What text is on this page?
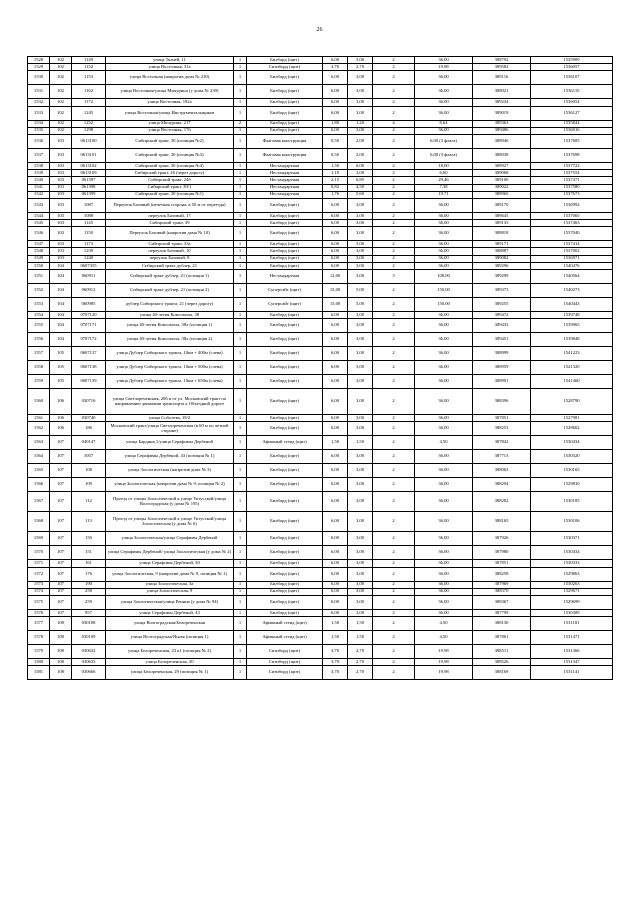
26
1528	102	1149	улица Ткачей, 11	1	Билборд (щит)	6,00	3,00	2	36,00	388792	1535909
1529	102	1152	улица Восточная, 31а	1	Ситиборд (щит)	3,70	2,70	2	19,98	389582	1536057
1530	102	1153	улица Восточная (напротив дома № 230)	1	Билборд (щит)	6,00	3,00	2	36,00	389116	1536107
1531	102	1162	улица Восточная/улица Мичурина (у дома № 239)	1	Билборд (щит)	6,00	3,00	2	36,00	388921	1536110
1532	102	1172	улица Восточная, 182а	1	Билборд (щит)	6,00	3,00	2	36,00	389234	1536054
1533	102	1245	улица Восточная/улица Инструментальщиков	1	Билборд (щит)	6,00	3,00	2	36,00	389019	1536127
1534	102	1252	улица Мичурина, 217	2	Билборд (щит)	1,80	1,20	4	8,64	389363	1535844
1535	102	1298	улица Восточная, 176	1	Билборд (щит)	6,00	3,00	2	36,00	389486	1536016
1536	103	0613100	Сибирский тракт, 30 (позиция №2)	1	Флаговая конструкция	0,50	2,00	2	6,00 (3 флага)	388946	1537685
1537	103	0613101	Сибирский тракт, 30 (позиция №3)	1	Флаговая конструкция	0,50	2,00	2	6,00 (3 флага)	388938	1537698
1538	103	0613102	Сибирский тракт, 30 (позиция №4)	1	Нестандартная	1,50	6,00	2	18,00	388927	1537722
1539	103	0613109	Сибирский тракт, 26 (через дорогу)	1	Нестандартная	1,10	3,00	2	6,60	389068	1537554
1540	103	061397	Сибирский тракт, 24б	1	Нестандартная	2,15	6,85	2	29,46	389100	1537471
1541	103	061398	Сибирский тракт, 30/1	1	Нестандартная	0,82	4,50	2	7,38	389022	1537580
1542	103	061399	Сибирский тракт, 30 (позиция №1)	1	Нестандартная	1,76	5,60	2	19,71	388960	1537673
1543	103	1087	Переулок Базовый (нечетная сторона, в 50 м от переезда)	1	Билборд (щит)	6,00	3,00	2	36,00	389170	1536992
1544	103	1088	переулок Базовый, 17	1	Билборд (щит)	6,00	3,00	2	36,00	388645	1537065
1545	103	1145	Сибирский тракт, 39	1	Билборд (щит)	6,00	3,00	2	36,00	389135	1537463
1546	103	1150	Переулок Базовый (напротив дома № 10)	1	Билборд (щит)	6,00	3,00	2	36,00	388818	1537040
1547	103	1173	Сибирский тракт, 33а	1	Билборд (щит)	6,00	3,00	2	36,00	389171	1537414
1548	103	1239	переулок Базовый, 10	1	Билборд (щит)	6,00	3,00	2	36,00	388887	1537002
1549	103	1240	переулок Базовый, 8	1	Билборд (щит)	6,00	3,00	2	36,00	389082	1536971
1550	104	0607355	Сибирский тракт дублер, 21	1	Билборд (щит)	6,00	3,00	2	36,00	389296	1540476
1551	104	060911	Сибирский тракт дублер, 21 (позиция 1)	1	Нестандартная	12,00	3,00	3	108,00	389299	1540564
1552	104	060912	Сибирский тракт дублер, 21 (позиция 2)	1	Суперсайт (щит)	15,00	5,00	2	150,00	389373	1540273
1553	104	060985	дублер Сибирского тракта, 21 (через дорогу)	1	Суперсайт (щит)	15,00	5,00	2	150,00	389255	1540443
1554	104	0707120	улица 40-летия Комсомола, 38	1	Билборд (щит)	6,00	3,00	2	36,00	389472	1539748
1555	104	0707171	улица 40-летия Комсомола, 38л (позиция 1)	1	Билборд (щит)	6,00	3,00	2	36,00	389433	1539965
1556	104	0707172	улица 40-летия Комсомола, 38л (позиция 2)	1	Билборд (щит)	6,00	3,00	2	36,00	389451	1539848
1557	105	0607137	улица Дублер Сибирского тракта, 10км + 400м (слева)	1	Билборд (щит)	6,00	3,00	2	36,00	388999	1541223
1558	105	0607138	улица Дублер Сибирского тракта, 10км + 500м (слева)	1	Билборд (щит)	6,00	3,00	2	36,00	388959	1541320
1559	105	0607139	улица Дублер Сибирского тракта, 10км + 650м (слева)	1	Билборд (щит)	6,00	3,00	2	36,00	388901	1541460
1560	106	030716	улица Светлореченская, 206 и от ул. Московский тракт по направлению движения транспорта к Объездной дороге	1	Билборд (щит)	6,00	3,00	2	36,00	388396	1528790
1561	106	030740	улица Соболева, 19/2	1	Билборд (щит)	6,00	3,00	2	36,00	387851	1527981
1562	106	186	Московский тракт/улица Светлореченская (в 60 м по четной стороне)	1	Билборд (щит)	6,00	3,00	2	36,00	388253	1528602
1563	107	040147	улица Бардина,1/улица Серафимы Дербеной	1	Афишный стенд (щит)	1,50	1,50	2	4,50	387842	1530434
1564	107	1057	улица Серафимы Дербеной, 43 (позиция № 1)	1	Билборд (щит)	6,00	3,00	2	36,00	387713	1530320
1565	107	108	улица Зоологическая (напротив дома № 3)	1	Билборд (щит)	6,00	3,00	2	36,00	388063	1530165
1566	107	109	улица Зоологическая (напротив дома № 9, позиция № 2)	1	Билборд (щит)	6,00	3,00	2	36,00	388294	1529810
1567	107	112	Проезд от улицы Зоологической к улице Уктусской/улица Волгоградская (у дома № 195)	1	Билборд (щит)	6,00	3,00	2	36,00	388282	1530185
1568	107	113	Проезд от улицы Зоологической к улице Уктусской/улица Зоологическая (у дома № 6)	1	Билборд (щит)	6,00	3,00	2	36,00	388165	1530106
1569	107	150	улица Зоологическая/улица Серафимы Дербеной	1	Билборд (щит)	6,00	3,00	2	36,00	387926	1530371
1570	107	151	улица Серафимы Дербеной/ улица Зоологическая (у дома № 2)	1	Билборд (щит)	6,00	3,00	2	36,00	387980	1530434
1571	107	161	улица Серафимы Дербеной, 30	1	Билборд (щит)	6,00	3,00	2	36,00	387851	1530333
1572	107	176	улица Зоологическая, 9 (напротив дома № 9, позиция № 1)	1	Билборд (щит)	6,00	3,00	2	36,00	388258	1529863
1573	107	190	улица Зоологическая, 3а	1	Билборд (щит)	6,00	3,00	2	36,00	387969	1530263
1574	107	258	улица Зоологическая, 9	1	Билборд (щит)	6,00	3,00	2	36,00	388370	1529671
1575	107	259	улица Зоологическая/улица Ренина (у дома № 94)	1	Билборд (щит)	6,00	3,00	2	36,00	388367	1529699
1576	107	957	улица Серафимы Дербеной, 43	1	Билборд (щит)	6,00	3,00	2	36,00	387799	1530389
1577	108	030108	улица Волгоградская/Белореченская	1	Афишный стенд (щит)	1,50	1,50	2	4,50	388130	1531101
1578	108	030109	улица Волгоградская/Ясная (позиция 1)	1	Афишный стенд (щит)	1,50	1,50	2	4,50	387861	1531471
1579	108	030632	улица Белореченская, 23 к1 (позиция № 2)	1	Ситиборд (щит)	3,70	2,70	2	19,98	388511	1531366
1580	108	030633	улица Белореченская, 30	1	Ситиборд (щит)	3,70	2,70	2	19,98	388526	1531347
1581	108	030666	улица Белореченская, 29 (позиция № 1)	1	Ситиборд (щит)	3,70	2,70	2	19,98	388169	1531141
